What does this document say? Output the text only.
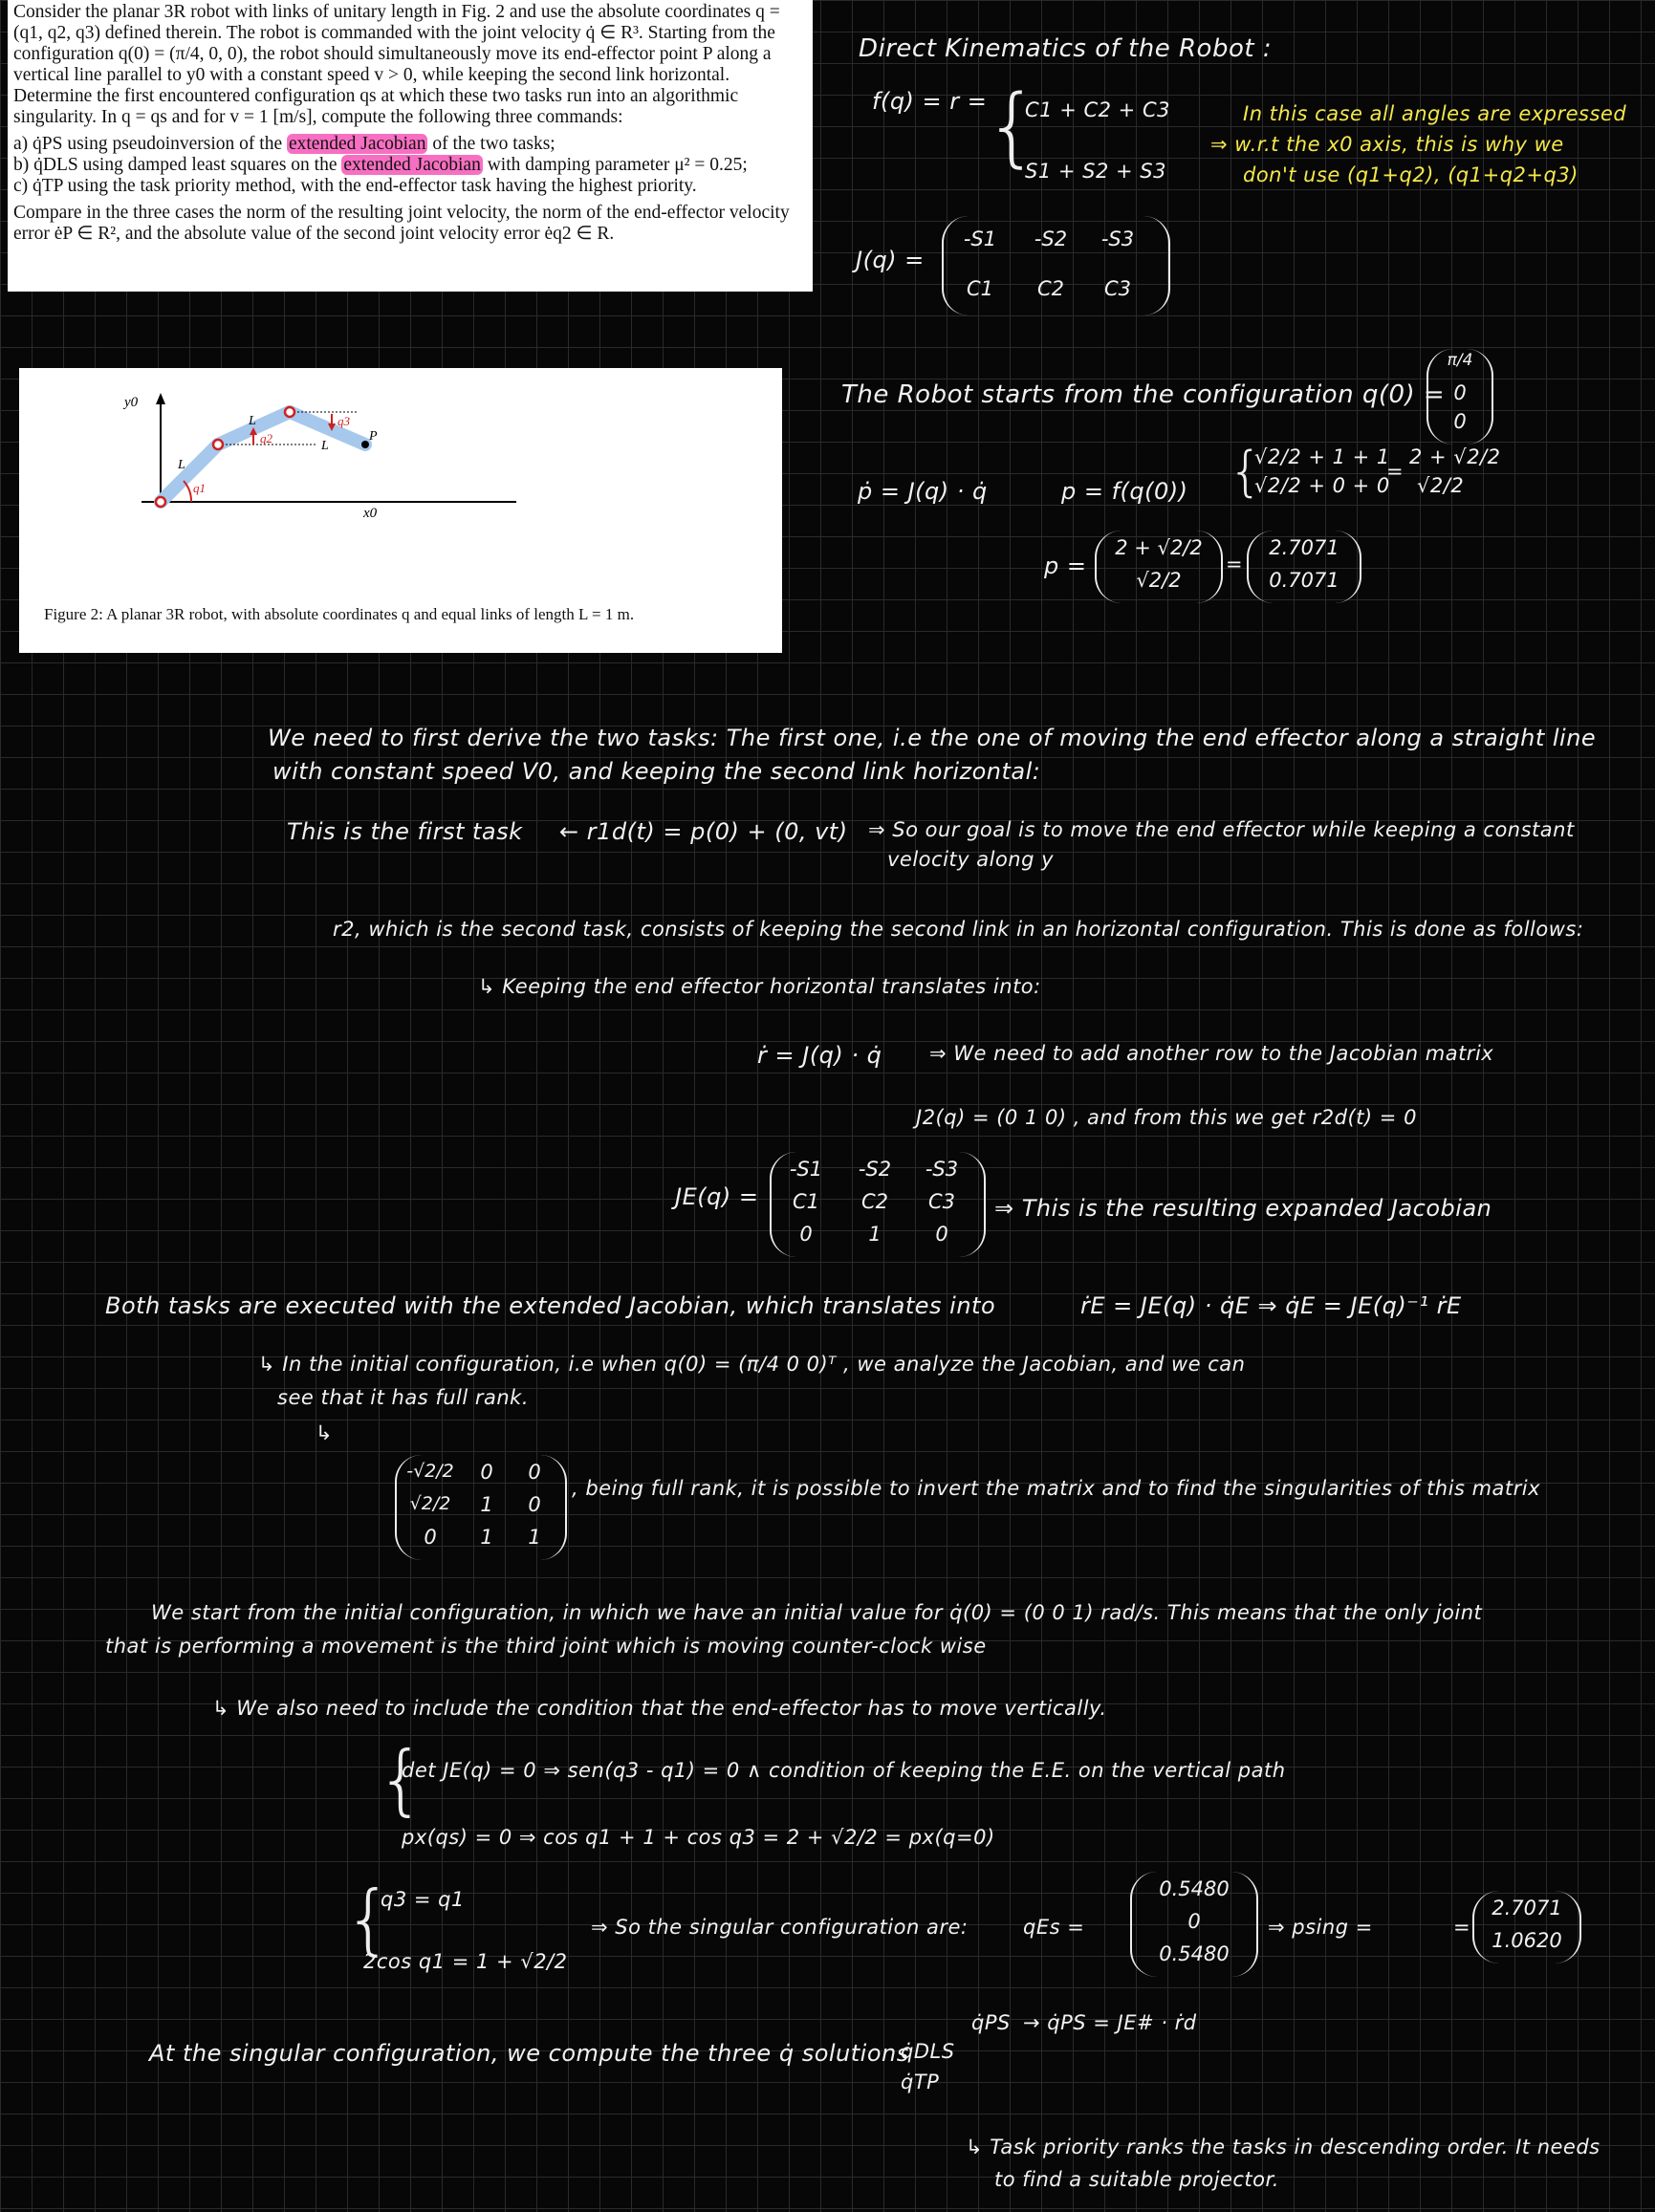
Consider the planar 3R robot with links of unitary length in Fig. 2 and use the absolute coordinates q = (q1, q2, q3) defined therein. The robot is commanded with the joint velocity q̇ ∈ R³. Starting from the configuration q(0) = (π/4, 0, 0), the robot should simultaneously move its end-effector point P along a vertical line parallel to y0 with a constant speed v > 0, while keeping the second link horizontal. Determine the first encountered configuration qs at which these two tasks run into an algorithmic singularity. In q = qs and for v = 1 [m/s], compute the following three commands:

a) q̇PS using pseudoinversion of the extended Jacobian of the two tasks;

b) q̇DLS using damped least squares on the extended Jacobian with damping parameter μ² = 0.25;

c) q̇TP using the task priority method, with the end-effector task having the highest priority.

Compare in the three cases the norm of the resulting joint velocity, the norm of the end-effector velocity error ėP ∈ R², and the absolute value of the second joint velocity error ėq2 ∈ R.

y0
x0
L
L
L
q1
q2
q3
P
Figure 2: A planar 3R robot, with absolute coordinates q and equal links of length L = 1 m.
Direct Kinematics of the Robot :
f(q) = r =
{
C1 + C2 + C3
S1 + S2 + S3
In this case all angles are expressed
⇒ w.r.t the x0 axis, this is why we
don't use (q1+q2), (q1+q2+q3)
J(q) =
-S1	-S2	-S3
C1	C2	C3
The Robot starts from the configuration q(0) =
π/4
0
0
ṗ = J(q) · q̇	p = f(q(0)) {
√2/2 + 1 + 1
√2/2 + 0 + 0
=
2 + √2/2
√2/2
p =
2 + √2/2
√2/2
=
2.7071
0.7071
We need to first derive the two tasks: The first one, i.e the one of moving the end effector along a straight line
with constant speed V0, and keeping the second link horizontal:
This is the first task ← r1d(t) = p(0) + (0, vt) ⇒ So our goal is to move the end effector while keeping a constant
velocity along y
r2, which is the second task, consists of keeping the second link in an horizontal configuration. This is done as follows:
↳ Keeping the end effector horizontal translates into:
ṙ = J(q) · q̇ ⇒ We need to add another row to the Jacobian matrix
J2(q) = (0 1 0) , and from this we get r2d(t) = 0
JE(q) =
-S1	-S2	-S3
C1	C2	C3
0	1	0
⇒ This is the resulting expanded Jacobian
Both tasks are executed with the extended Jacobian, which translates into	ṙE = JE(q) · q̇E ⇒ q̇E = JE(q)⁻¹ ṙE
↳ In the initial configuration, i.e when q(0) = (π/4 0 0)ᵀ , we analyze the Jacobian, and we can
see that it has full rank.
↳
-√2/2	0	0
√2/2	1	0
0	1	1
, being full rank, it is possible to invert the matrix and to find the singularities of this matrix
We start from the initial configuration, in which we have an initial value for q̇(0) = (0 0 1) rad/s. This means that the only joint
that is performing a movement is the third joint which is moving counter-clock wise
↳ We also need to include the condition that the end-effector has to move vertically.
{
det JE(q) = 0 ⇒ sen(q3 - q1) = 0 ∧ condition of keeping the E.E. on the vertical path
px(qs) = 0 ⇒ cos q1 + 1 + cos q3 = 2 + √2/2 = px(q=0)
{
q3 = q1
2cos q1 = 1 + √2/2
⇒ So the singular configuration are:	qEs =
0.5480
0
0.5480
⇒ psing =	=
2.7071
1.0620
At the singular configuration, we compute the three q̇ solutions
q̇PS
q̇DLS
q̇TP
→ q̇PS = JE# · ṙd
↳ Task priority ranks the tasks in descending order. It needs
to find a suitable projector.
